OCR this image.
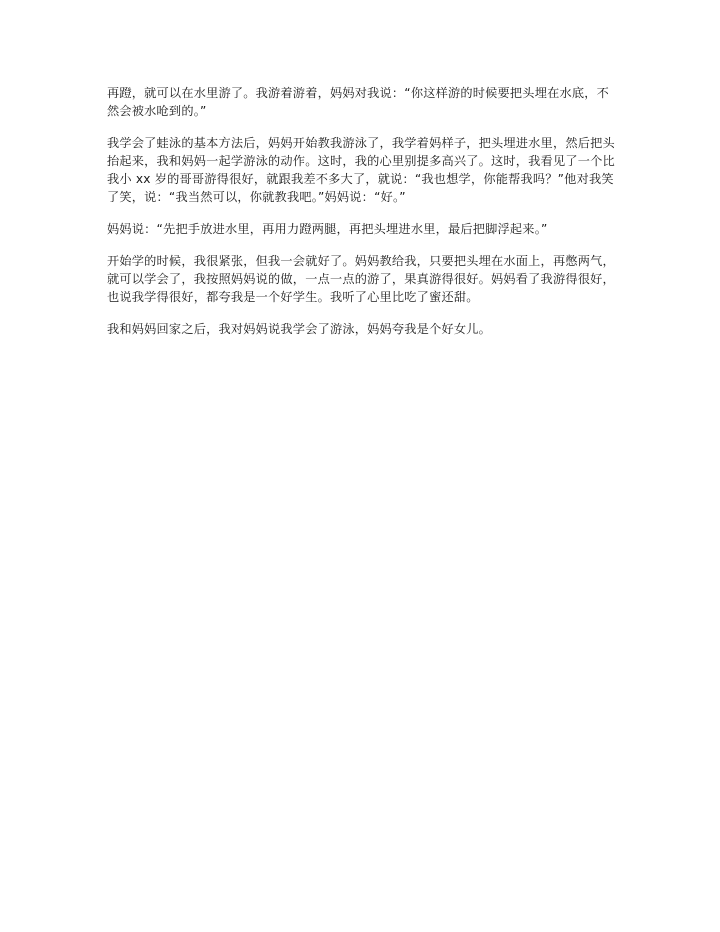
再蹬，就可以在水里游了。我游着游着，妈妈对我说：“你这样游的时候要把头埋在水底，不然会被水呛到的。”

我学会了蛙泳的基本方法后，妈妈开始教我游泳了，我学着妈样子，把头埋进水里，然后把头抬起来，我和妈妈一起学游泳的动作。这时，我的心里别提多高兴了。这时，我看见了一个比我小 xx 岁的哥哥游得很好，就跟我差不多大了，就说：“我也想学，你能帮我吗？”他对我笑了笑，说：“我当然可以，你就教我吧。”妈妈说：“好。”

妈妈说：“先把手放进水里，再用力蹬两腿，再把头埋进水里，最后把脚浮起来。”

开始学的时候，我很紧张，但我一会就好了。妈妈教给我，只要把头埋在水面上，再憋两气，就可以学会了，我按照妈妈说的做，一点一点的游了，果真游得很好。妈妈看了我游得很好，也说我学得很好，都夸我是一个好学生。我听了心里比吃了蜜还甜。

我和妈妈回家之后，我对妈妈说我学会了游泳，妈妈夸我是个好女儿。
